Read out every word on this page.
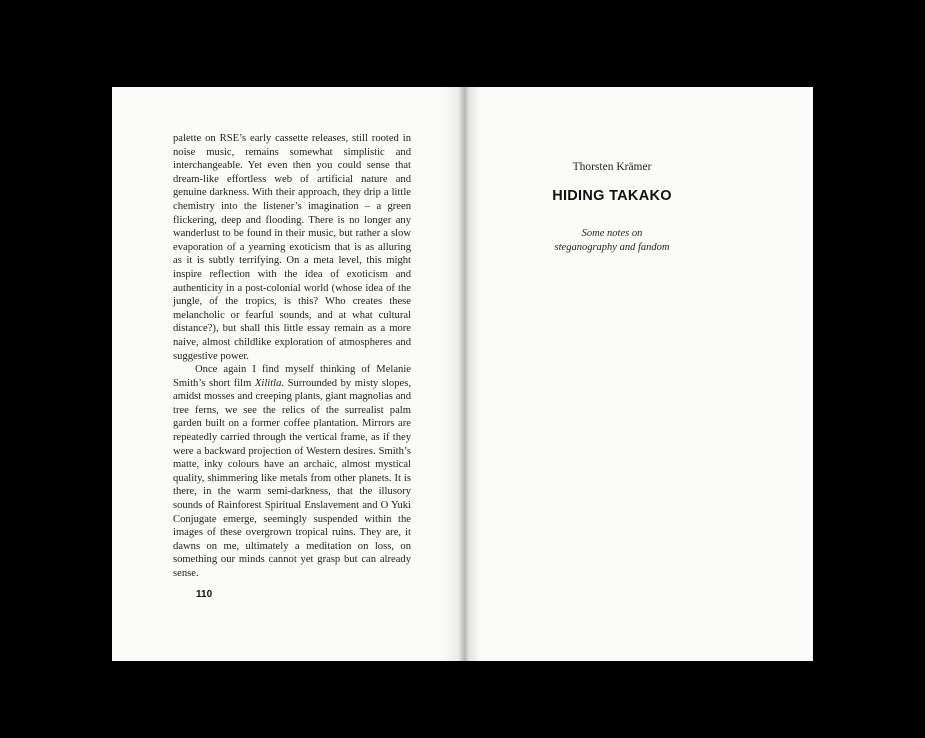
palette on RSE’s early cassette releases, still rooted in noise music, remains somewhat simplistic and interchangeable. Yet even then you could sense that dream-like effortless web of artificial nature and genuine darkness. With their approach, they drip a little chemistry into the listener’s imagination – a green flickering, deep and flooding. There is no longer any wanderlust to be found in their music, but rather a slow evaporation of a yearning exoticism that is as alluring as it is subtly terrifying. On a meta level, this might inspire reflection with the idea of exoticism and authenticity in a post-colonial world (whose idea of the jungle, of the tropics, is this? Who creates these melancholic or fearful sounds, and at what cultural distance?), but shall this little essay remain as a more naive, almost childlike exploration of atmospheres and suggestive power.

Once again I find myself thinking of Melanie Smith’s short film Xilitla. Surrounded by misty slopes, amidst mosses and creeping plants, giant magnolias and tree ferns, we see the relics of the surrealist palm garden built on a former coffee plantation. Mirrors are repeatedly carried through the vertical frame, as if they were a backward projection of Western desires. Smith’s matte, inky colours have an archaic, almost mystical quality, shimmering like metals from other planets. It is there, in the warm semi-darkness, that the illusory sounds of Rainforest Spiritual Enslavement and O Yuki Conjugate emerge, seemingly suspended within the images of these overgrown tropical ruins. They are, it dawns on me, ultimately a meditation on loss, on something our minds cannot yet grasp but can already sense.

110
Thorsten Krämer
HIDING TAKAKO
Some notes on
steganography and fandom
